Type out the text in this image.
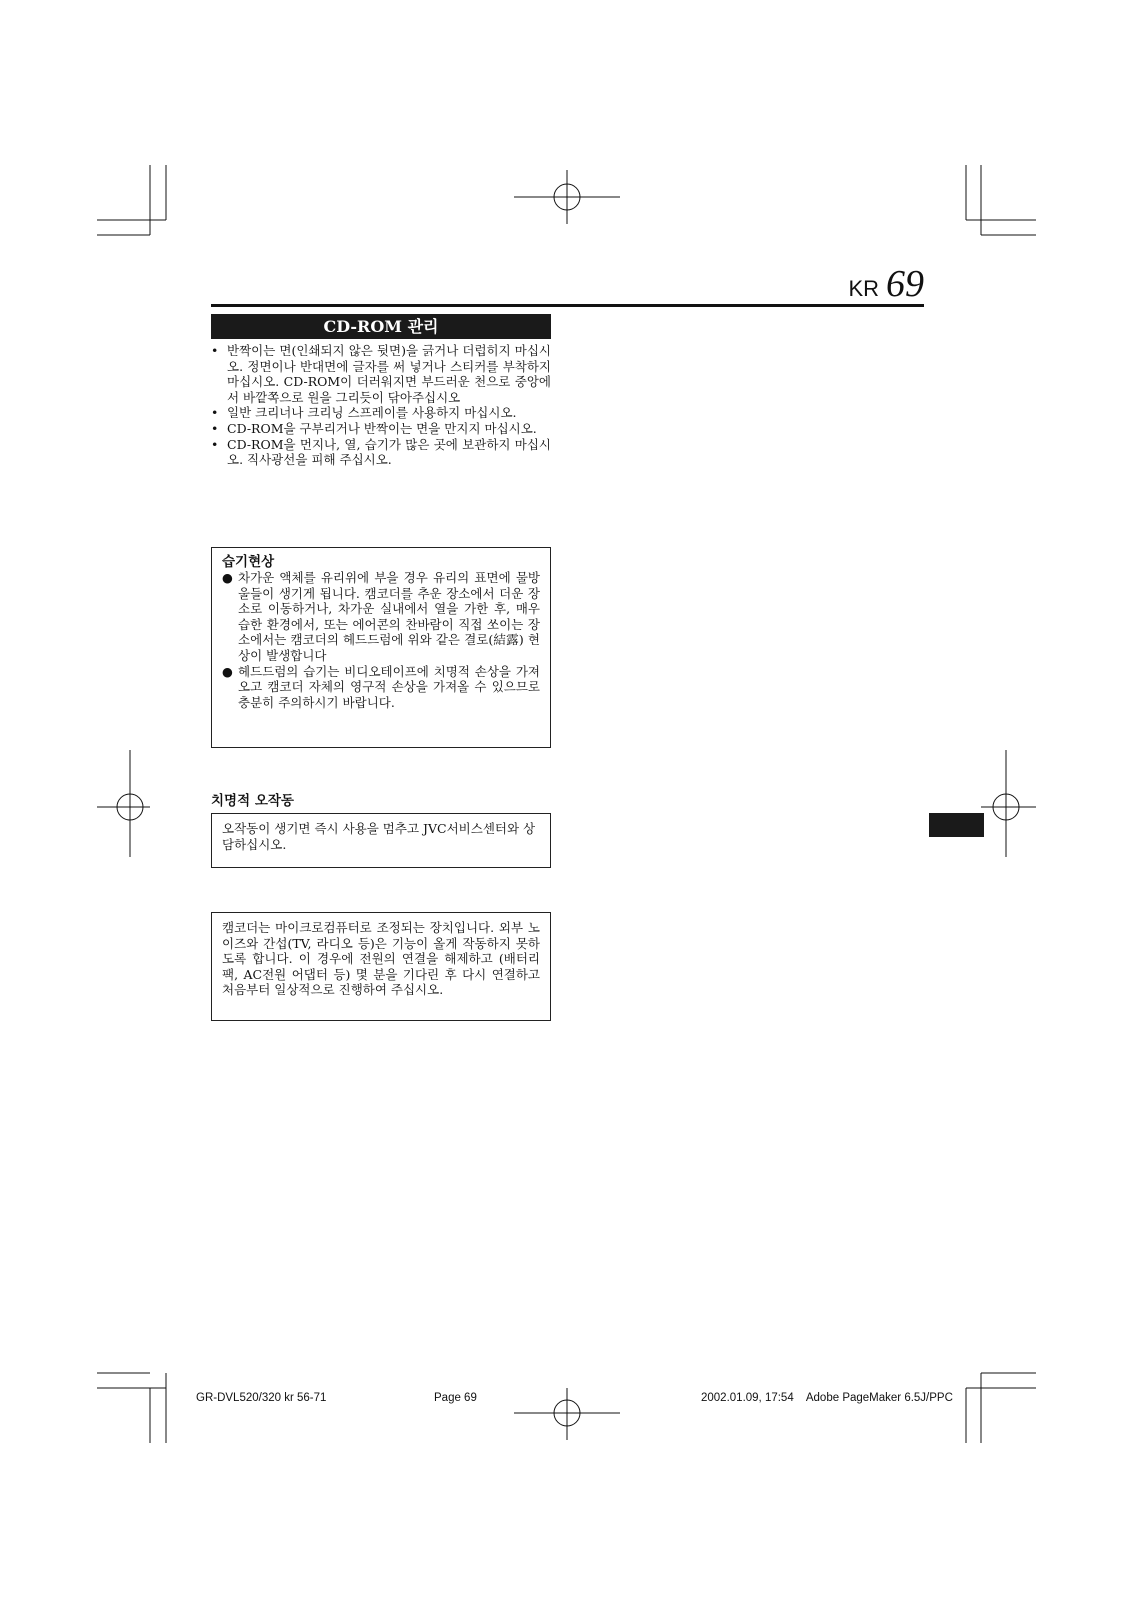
KR 69
CD-ROM 관리
• 반짝이는 면(인쇄되지 않은 뒷면)을 긁거나 더럽히지 마십시오. 정면이나 반대면에 글자를 써 넣거나 스티커를 부착하지 마십시오. CD-ROM이 더러워지면 부드러운 천으로 중앙에서 바깥쪽으로 원을 그리듯이 닦아주십시오
• 일반 크리너나 크리닝 스프레이를 사용하지 마십시오.
• CD-ROM을 구부리거나 반짝이는 면을 만지지 마십시오.
• CD-ROM을 먼지나, 열, 습기가 많은 곳에 보관하지 마십시오. 직사광선을 피해 주십시오.
습기현상
● 차가운 액체를 유리위에 부을 경우 유리의 표면에 물방울들이 생기게 됩니다. 캠코더를 추운 장소에서 더운 장소로 이동하거나, 차가운 실내에서 열을 가한 후, 매우 습한 환경에서, 또는 에어콘의 찬바람이 직접 쏘이는 장소에서는 캠코더의 헤드드럼에 위와 같은 결로(結露) 현상이 발생합니다
● 헤드드럼의 습기는 비디오테이프에 치명적 손상을 가져오고 캠코더 자체의 영구적 손상을 가져올 수 있으므로 충분히 주의하시기 바랍니다.
치명적 오작동
오작동이 생기면 즉시 사용을 멈추고 JVC서비스센터와 상담하십시오.
캠코더는 마이크로컴퓨터로 조정되는 장치입니다. 외부 노이즈와 간섭(TV, 라디오 등)은 기능이 올게 작동하지 못하도록 합니다. 이 경우에 전원의 연결을 해제하고 (배터리 팩, AC전원 어댑터 등) 몇 분을 기다린 후 다시 연결하고 처음부터 일상적으로 진행하여 주십시오.
GR-DVL520/320 kr 56-71	Page 69	2002.01.09, 17:54    Adobe PageMaker 6.5J/PPC
